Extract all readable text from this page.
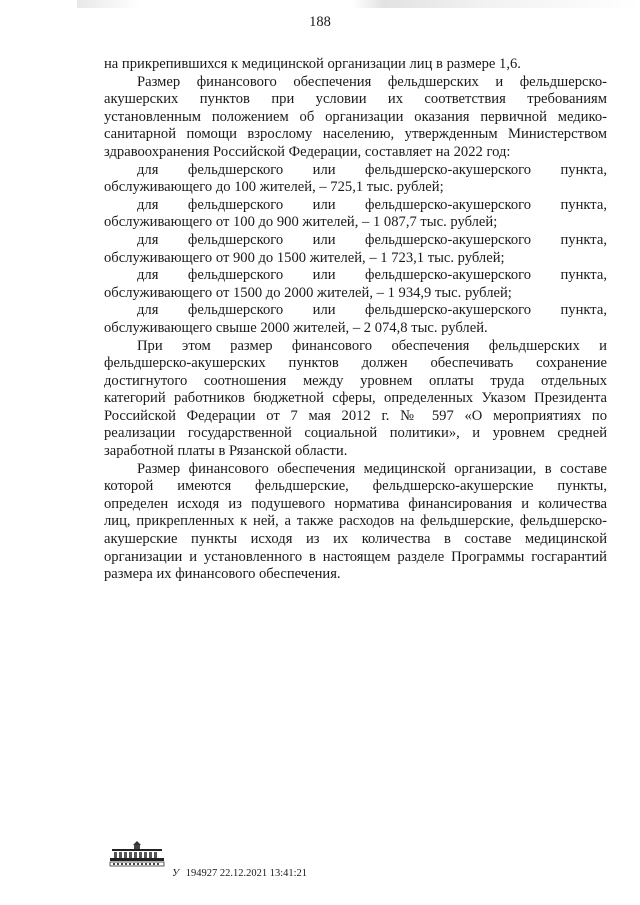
188
на прикрепившихся к медицинской организации лиц в размере 1,6.
Размер финансового обеспечения фельдшерских и фельдшерско-
акушерских пунктов при условии их соответствия требованиям
установленным положением об организации оказания первичной медико-
санитарной помощи взрослому населению, утвержденным Министерством
здравоохранения Российской Федерации, составляет на 2022 год:
для фельдшерского или фельдшерско-акушерского пункта,
обслуживающего до 100 жителей, – 725,1 тыс. рублей;
для фельдшерского или фельдшерско-акушерского пункта,
обслуживающего от 100 до 900 жителей, – 1 087,7 тыс. рублей;
для фельдшерского или фельдшерско-акушерского пункта,
обслуживающего от 900 до 1500 жителей, – 1 723,1 тыс. рублей;
для фельдшерского или фельдшерско-акушерского пункта,
обслуживающего от 1500 до 2000 жителей, – 1 934,9 тыс. рублей;
для фельдшерского или фельдшерско-акушерского пункта,
обслуживающего свыше 2000 жителей, – 2 074,8 тыс. рублей.
При этом размер финансового обеспечения фельдшерских и
фельдшерско-акушерских пунктов должен обеспечивать сохранение
достигнутого соотношения между уровнем оплаты труда отдельных
категорий работников бюджетной сферы, определенных Указом Президента
Российской Федерации от 7 мая 2012 г. № 597 «О мероприятиях по
реализации государственной социальной политики», и уровнем средней
заработной платы в Рязанской области.
Размер финансового обеспечения медицинской организации, в составе
которой имеются фельдшерские, фельдшерско-акушерские пункты,
определен исходя из подушевого норматива финансирования и количества
лиц, прикрепленных к ней, а также расходов на фельдшерские, фельдшерско-
акушерские пункты исходя из их количества в составе медицинской
организации и установленного в настоящем разделе Программы госгарантий
размера их финансового обеспечения.
У 194927 22.12.2021 13:41:21
